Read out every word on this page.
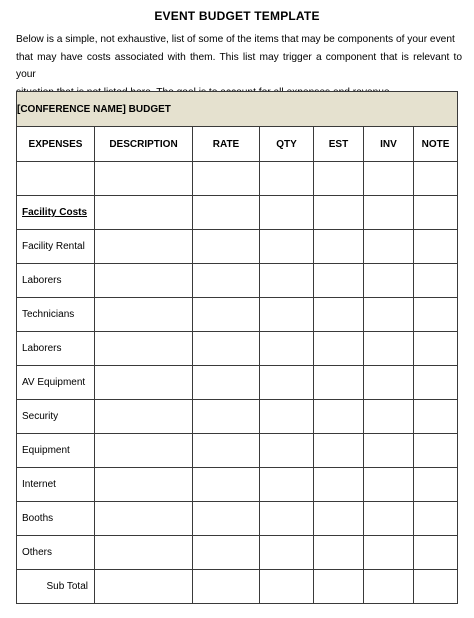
EVENT BUDGET TEMPLATE
Below is a simple, not exhaustive, list of some of the items that may be components of your event
that may have costs associated with them. This list may trigger a component that is relevant to your
[CONFERENCE NAME] BUDGET						
EXPENSES	DESCRIPTION	RATE	QTY	EST	INV	NOTE

Facility Costs						
Facility Rental						
Laborers						
Technicians						
Laborers						
AV Equipment						
Security						
Equipment						
Internet						
Booths						
Others						
Sub Total						
